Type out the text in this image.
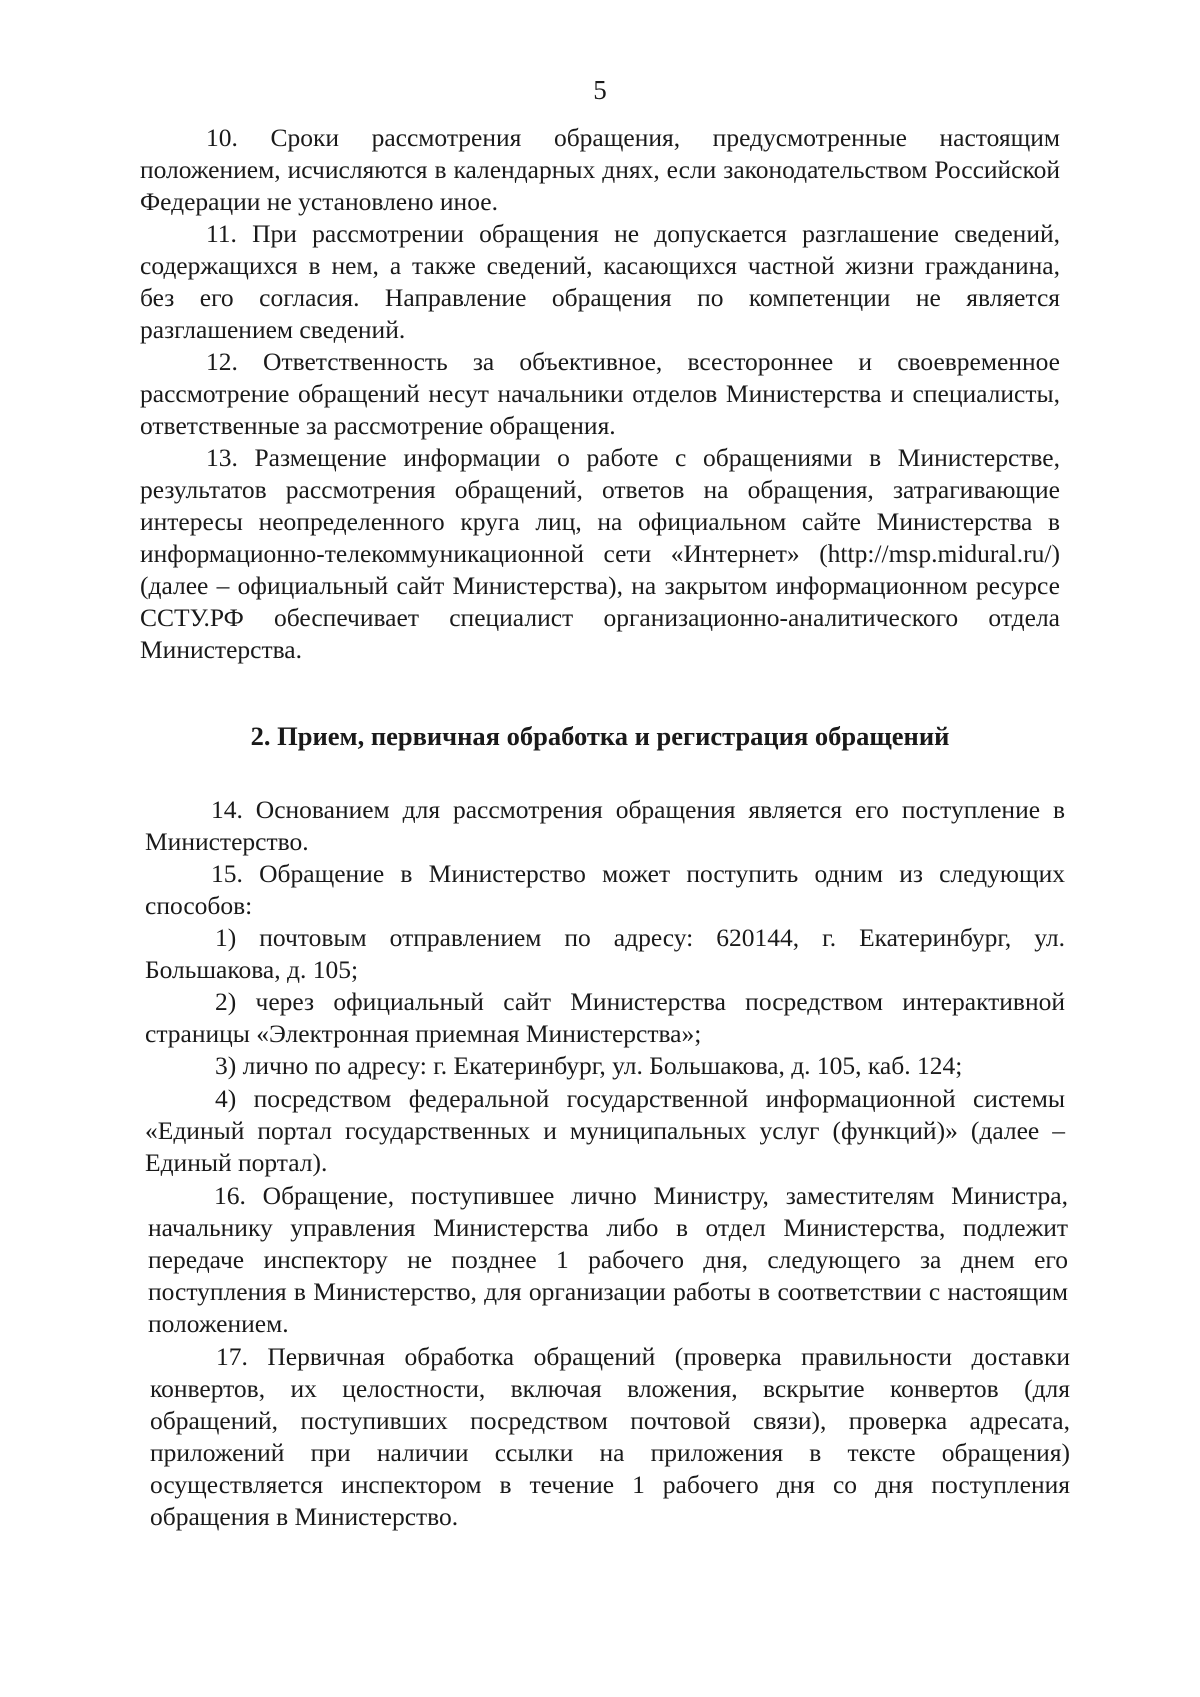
5

10. Сроки рассмотрения обращения, предусмотренные настоящим положением, исчисляются в календарных днях, если законодательством Российской Федерации не установлено иное.

11. При рассмотрении обращения не допускается разглашение сведений, содержащихся в нем, а также сведений, касающихся частной жизни гражданина, без его согласия. Направление обращения по компетенции не является разглашением сведений.

12. Ответственность за объективное, всестороннее и своевременное рассмотрение обращений несут начальники отделов Министерства и специалисты, ответственные за рассмотрение обращения.

13. Размещение информации о работе с обращениями в Министерстве, результатов рассмотрения обращений, ответов на обращения, затрагивающие интересы неопределенного круга лиц, на официальном сайте Министерства в информационно-телекоммуникационной сети «Интернет» (http://msp.midural.ru/) (далее – официальный сайт Министерства), на закрытом информационном ресурсе ССТУ.РФ обеспечивает специалист организационно-аналитического отдела Министерства.

2. Прием, первичная обработка и регистрация обращений

14. Основанием для рассмотрения обращения является его поступление в Министерство.

15. Обращение в Министерство может поступить одним из следующих способов:

1) почтовым отправлением по адресу: 620144, г. Екатеринбург, ул. Большакова, д. 105;

2) через официальный сайт Министерства посредством интерактивной страницы «Электронная приемная Министерства»;

3) лично по адресу: г. Екатеринбург, ул. Большакова, д. 105, каб. 124;

4) посредством федеральной государственной информационной системы «Единый портал государственных и муниципальных услуг (функций)» (далее – Единый портал).

16. Обращение, поступившее лично Министру, заместителям Министра, начальнику управления Министерства либо в отдел Министерства, подлежит передаче инспектору не позднее 1 рабочего дня, следующего за днем его поступления в Министерство, для организации работы в соответствии с настоящим положением.

17. Первичная обработка обращений (проверка правильности доставки конвертов, их целостности, включая вложения, вскрытие конвертов (для обращений, поступивших посредством почтовой связи), проверка адресата, приложений при наличии ссылки на приложения в тексте обращения) осуществляется инспектором в течение 1 рабочего дня со дня поступления обращения в Министерство.
